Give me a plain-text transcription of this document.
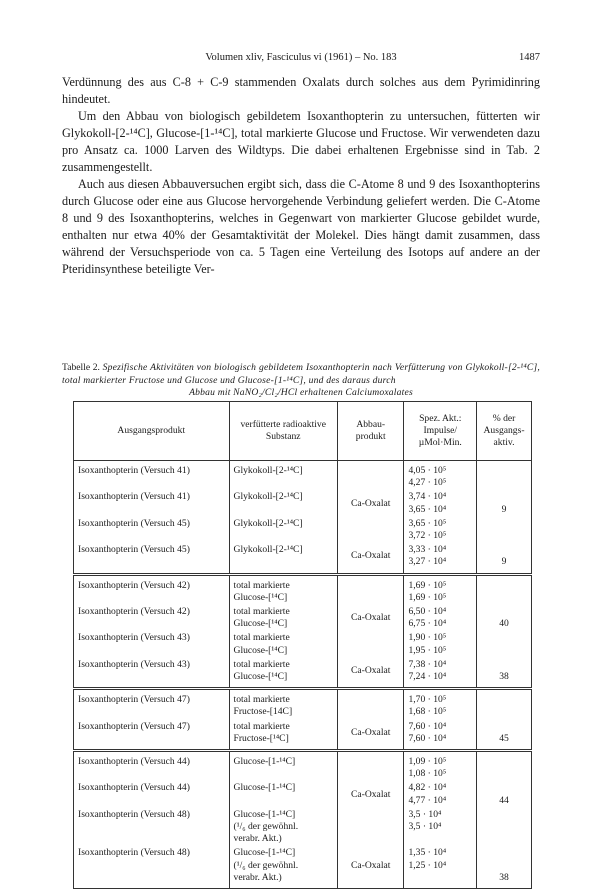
Volumen xliv, Fasciculus vi (1961) – No. 183	1487

Verdünnung des aus C-8 + C-9 stammenden Oxalats durch solches aus dem Pyrimidinring hindeutet.

Um den Abbau von biologisch gebildetem Isoxanthopterin zu untersuchen, fütterten wir Glykokoll-[2-¹⁴C], Glucose-[1-¹⁴C], total markierte Glucose und Fructose. Wir verwendeten dazu pro Ansatz ca. 1000 Larven des Wildtyps. Die dabei erhaltenen Ergebnisse sind in Tab. 2 zusammengestellt.

Auch aus diesen Abbauversuchen ergibt sich, dass die C-Atome 8 und 9 des Isoxanthopterins durch Glucose oder eine aus Glucose hervorgehende Verbindung geliefert werden. Die C-Atome 8 und 9 des Isoxanthopterins, welches in Gegenwart von markierter Glucose gebildet wurde, enthalten nur etwa 40% der Gesamtaktivität der Molekel. Dies hängt damit zusammen, dass während der Versuchsperiode von ca. 5 Tagen eine Verteilung des Isotops auf andere an der Pteridinsynthese beteiligte Ver-

Tabelle 2. Spezifische Aktivitäten von biologisch gebildetem Isoxanthopterin nach Verfütterung von Glykokoll-[2-¹⁴C], total markierter Fructose und Glucose und Glucose-[1-¹⁴C], und des daraus durch
Abbau mit NaNO₂/Cl₂/HCl erhaltenen Calciumoxalates
Ausgangsprodukt	verfütterte radioaktive Substanz	Abbau-produkt	Spez. Akt.: Impulse/ µMol·Min.	% der Ausgangs-aktiv.
Isoxanthopterin (Versuch 41)	Glykokoll-[2-¹⁴C]		4,05 · 10⁵
4,27 · 10⁵	

Isoxanthopterin (Versuch 41)	Glykokoll-[2-¹⁴C]	Ca-Oxalat	3,74 · 10⁴
3,65 · 10⁴	9
Isoxanthopterin (Versuch 45)	Glykokoll-[2-¹⁴C]		3,65 · 10⁵
3,72 · 10⁵	

Isoxanthopterin (Versuch 45)	Glykokoll-[2-¹⁴C]	Ca-Oxalat	3,33 · 10⁴
3,27 · 10⁴	9
Isoxanthopterin (Versuch 42)	total markierte
Glucose-[¹⁴C]		1,69 · 10⁵
1,69 · 10⁵	

Isoxanthopterin (Versuch 42)	total markierte
Glucose-[¹⁴C]	Ca-Oxalat	6,50 · 10⁴
6,75 · 10⁴	40
Isoxanthopterin (Versuch 43)	total markierte
Glucose-[¹⁴C]		1,90 · 10⁵
1,95 · 10⁵	

Isoxanthopterin (Versuch 43)	total markierte
Glucose-[¹⁴C]	Ca-Oxalat	7,38 · 10⁴
7,24 · 10⁴	38
Isoxanthopterin (Versuch 47)	total markierte
Fructose-[14C]		1,70 · 10⁵
1,68 · 10⁵	

Isoxanthopterin (Versuch 47)	total markierte
Fructose-[¹⁴C]	Ca-Oxalat	7,60 · 10⁴
7,60 · 10⁴	45
Isoxanthopterin (Versuch 44)	Glucose-[1-¹⁴C]		1,09 · 10⁵
1,08 · 10⁵	

Isoxanthopterin (Versuch 44)	Glucose-[1-¹⁴C]	Ca-Oxalat	4,82 · 10⁴
4,77 · 10⁴	44
Isoxanthopterin (Versuch 48)	Glucose-[1-¹⁴C]
(¹/₆ der gewöhnl.
verabr. Akt.)		3,5 · 10⁴
3,5 · 10⁴	

Isoxanthopterin (Versuch 48)	Glucose-[1-¹⁴C]
(¹/₆ der gewöhnl.
verabr. Akt.)	Ca-Oxalat	1,35 · 10⁴
1,25 · 10⁴	38
